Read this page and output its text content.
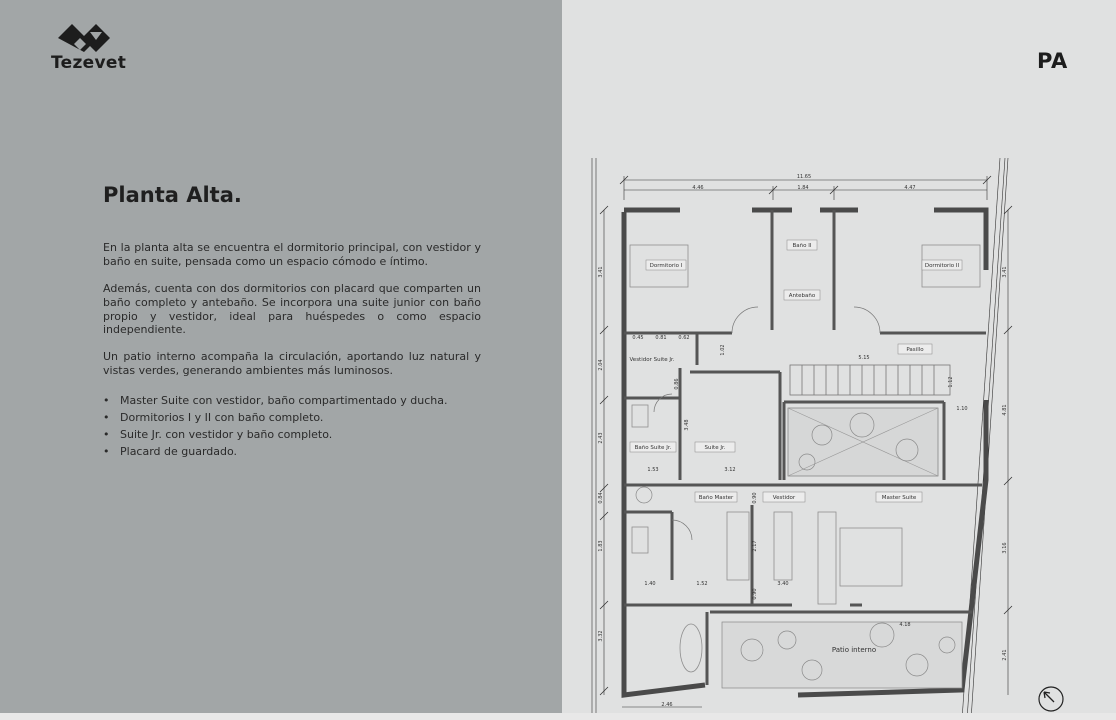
Tezevet
Planta Alta.

En la planta alta se encuentra el dormitorio principal, con vestidor y baño en suite, pensada como un espacio cómodo e íntimo.

Además, cuenta con dos dormitorios con placard que comparten un baño completo y antebaño. Se incorpora una suite junior con baño propio y vestidor, ideal para huéspedes o como espacio independiente.

Un patio interno acompaña la circulación, aportando luz natural y vistas verdes, generando ambientes más luminosos.

• Master Suite con vestidor, baño compartimentado y ducha.
• Dormitorios I y II con baño completo.
• Suite Jr. con vestidor y baño completo.
• Placard de guardado.
PA
Dormitorio I	Dormitorio II
Baño II
Antebaño
Pasillo
Vestidor Suite Jr.
Baño Suite Jr.	Suite Jr.
Baño Master	Vestidor	Master Suite
Patio interno
11.65
4.46	1.84	4.47
3.41
2.04
2.43
0.84
1.83
3.32
3.41
4.81
3.16
2.41
0.45 0.81 0.62
1.02
5.15
0.86
3.48
1.12
1.10
1.53	3.12
0.90
2.17
1.40	1.52	3.40
0.90
4.18
2.46
